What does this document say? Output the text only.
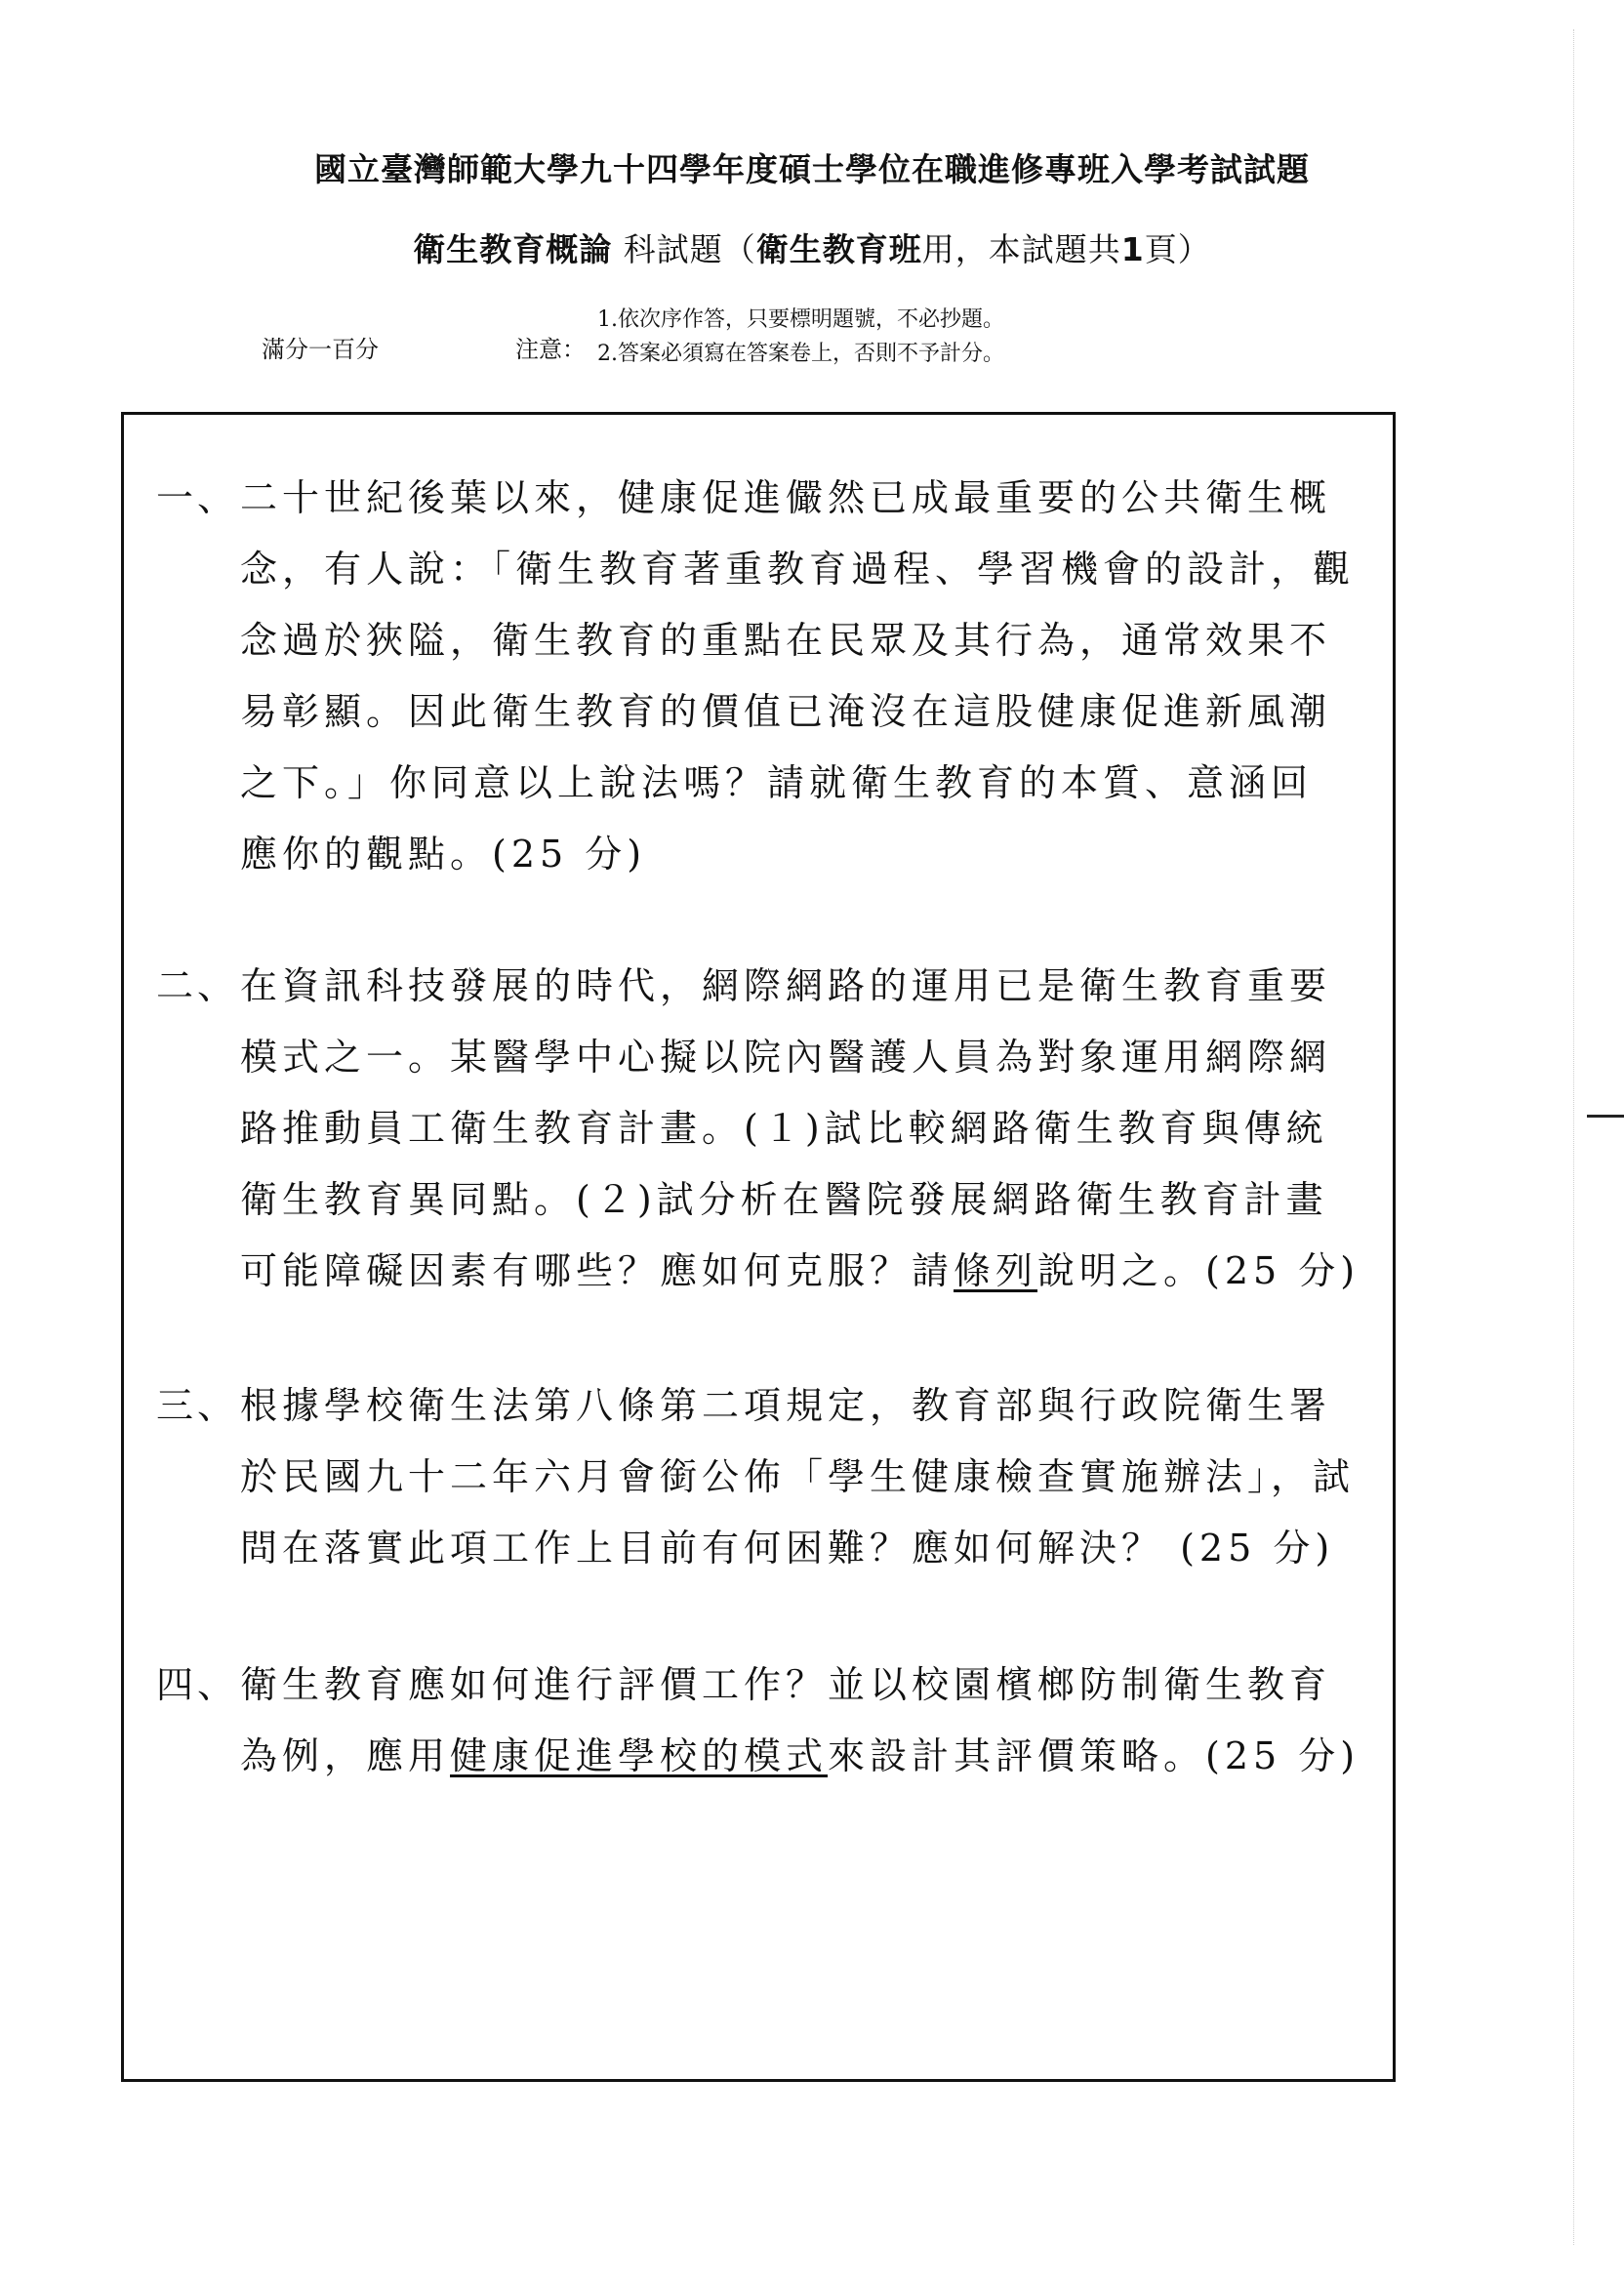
國立臺灣師範大學九十四學年度碩士學位在職進修專班入學考試試題
衛生教育概論 科試題（衛生教育班用，本試題共1頁）
滿分一百分	注意：
1.依次序作答，只要標明題號，不必抄題。
2.答案必須寫在答案卷上，否則不予計分。
一、 二十世紀後葉以來，健康促進儼然已成最重要的公共衛生概
念，有人說：「衛生教育著重教育過程、學習機會的設計，觀
念過於狹隘，衛生教育的重點在民眾及其行為，通常效果不
易彰顯。因此衛生教育的價值已淹沒在這股健康促進新風潮
之下。」你同意以上說法嗎？請就衛生教育的本質、意涵回
應你的觀點。(25 分)
二、 在資訊科技發展的時代，網際網路的運用已是衛生教育重要
模式之一。某醫學中心擬以院內醫護人員為對象運用網際網
路推動員工衛生教育計畫。(１)試比較網路衛生教育與傳統
衛生教育異同點。(２)試分析在醫院發展網路衛生教育計畫
可能障礙因素有哪些？應如何克服？請條列說明之。(25 分)
三、 根據學校衛生法第八條第二項規定，教育部與行政院衛生署
於民國九十二年六月會銜公佈「學生健康檢查實施辦法」，試
問在落實此項工作上目前有何困難？應如何解決？ (25 分)
四、 衛生教育應如何進行評價工作？並以校園檳榔防制衛生教育
為例，應用健康促進學校的模式來設計其評價策略。(25 分)
